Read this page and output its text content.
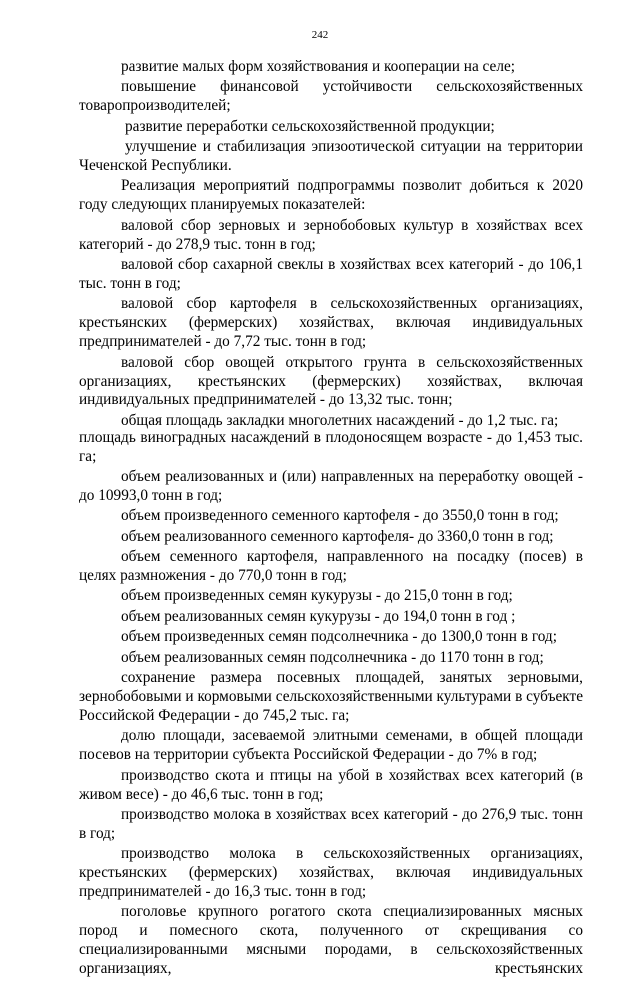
242

развитие малых форм хозяйствования и кооперации на селе;

повышение финансовой устойчивости сельскохозяйственных товаропроизводителей;

развитие переработки сельскохозяйственной продукции;

улучшение и стабилизация эпизоотической ситуации на территории Чеченской Республики.

Реализация мероприятий подпрограммы позволит добиться к 2020 году следующих планируемых показателей:

валовой сбор зерновых и зернобобовых культур в хозяйствах всех категорий - до 278,9 тыс. тонн в год;

валовой сбор сахарной свеклы в хозяйствах всех категорий - до 106,1 тыс. тонн в год;

валовой сбор картофеля в сельскохозяйственных организациях, крестьянских (фермерских) хозяйствах, включая индивидуальных предпринимателей - до 7,72 тыс. тонн в год;

валовой сбор овощей открытого грунта в сельскохозяйственных организациях, крестьянских (фермерских) хозяйствах, включая индивидуальных предпринимателей - до 13,32 тыс. тонн;

общая площадь закладки многолетних насаждений - до 1,2 тыс. га;

площадь виноградных насаждений в плодоносящем возрасте - до 1,453 тыс. га;

объем реализованных и (или) направленных на переработку овощей - до 10993,0 тонн в год;

объем произведенного семенного картофеля - до 3550,0 тонн в год;

объем реализованного семенного картофеля- до 3360,0 тонн в год;

объем семенного картофеля, направленного на посадку (посев) в целях размножения - до 770,0 тонн в год;

объем произведенных семян кукурузы - до 215,0 тонн в год;

объем реализованных семян кукурузы - до 194,0 тонн в год ;

объем произведенных семян подсолнечника - до 1300,0 тонн в год;

объем реализованных семян подсолнечника - до 1170 тонн в год;

сохранение размера посевных площадей, занятых зерновыми, зернобобовыми и кормовыми сельскохозяйственными культурами в субъекте Российской Федерации - до 745,2 тыс. га;

долю площади, засеваемой элитными семенами, в общей площади посевов на территории субъекта Российской Федерации - до 7% в год;

производство скота и птицы на убой в хозяйствах всех категорий (в живом весе) - до 46,6 тыс. тонн в год;

производство молока в хозяйствах всех категорий - до 276,9 тыс. тонн в год;

производство молока в сельскохозяйственных организациях, крестьянских (фермерских) хозяйствах, включая индивидуальных предпринимателей - до 16,3 тыс. тонн в год;

поголовье крупного рогатого скота специализированных мясных пород и помесного скота, полученного от скрещивания со специализированными мясными породами, в сельскохозяйственных организациях, крестьянских
